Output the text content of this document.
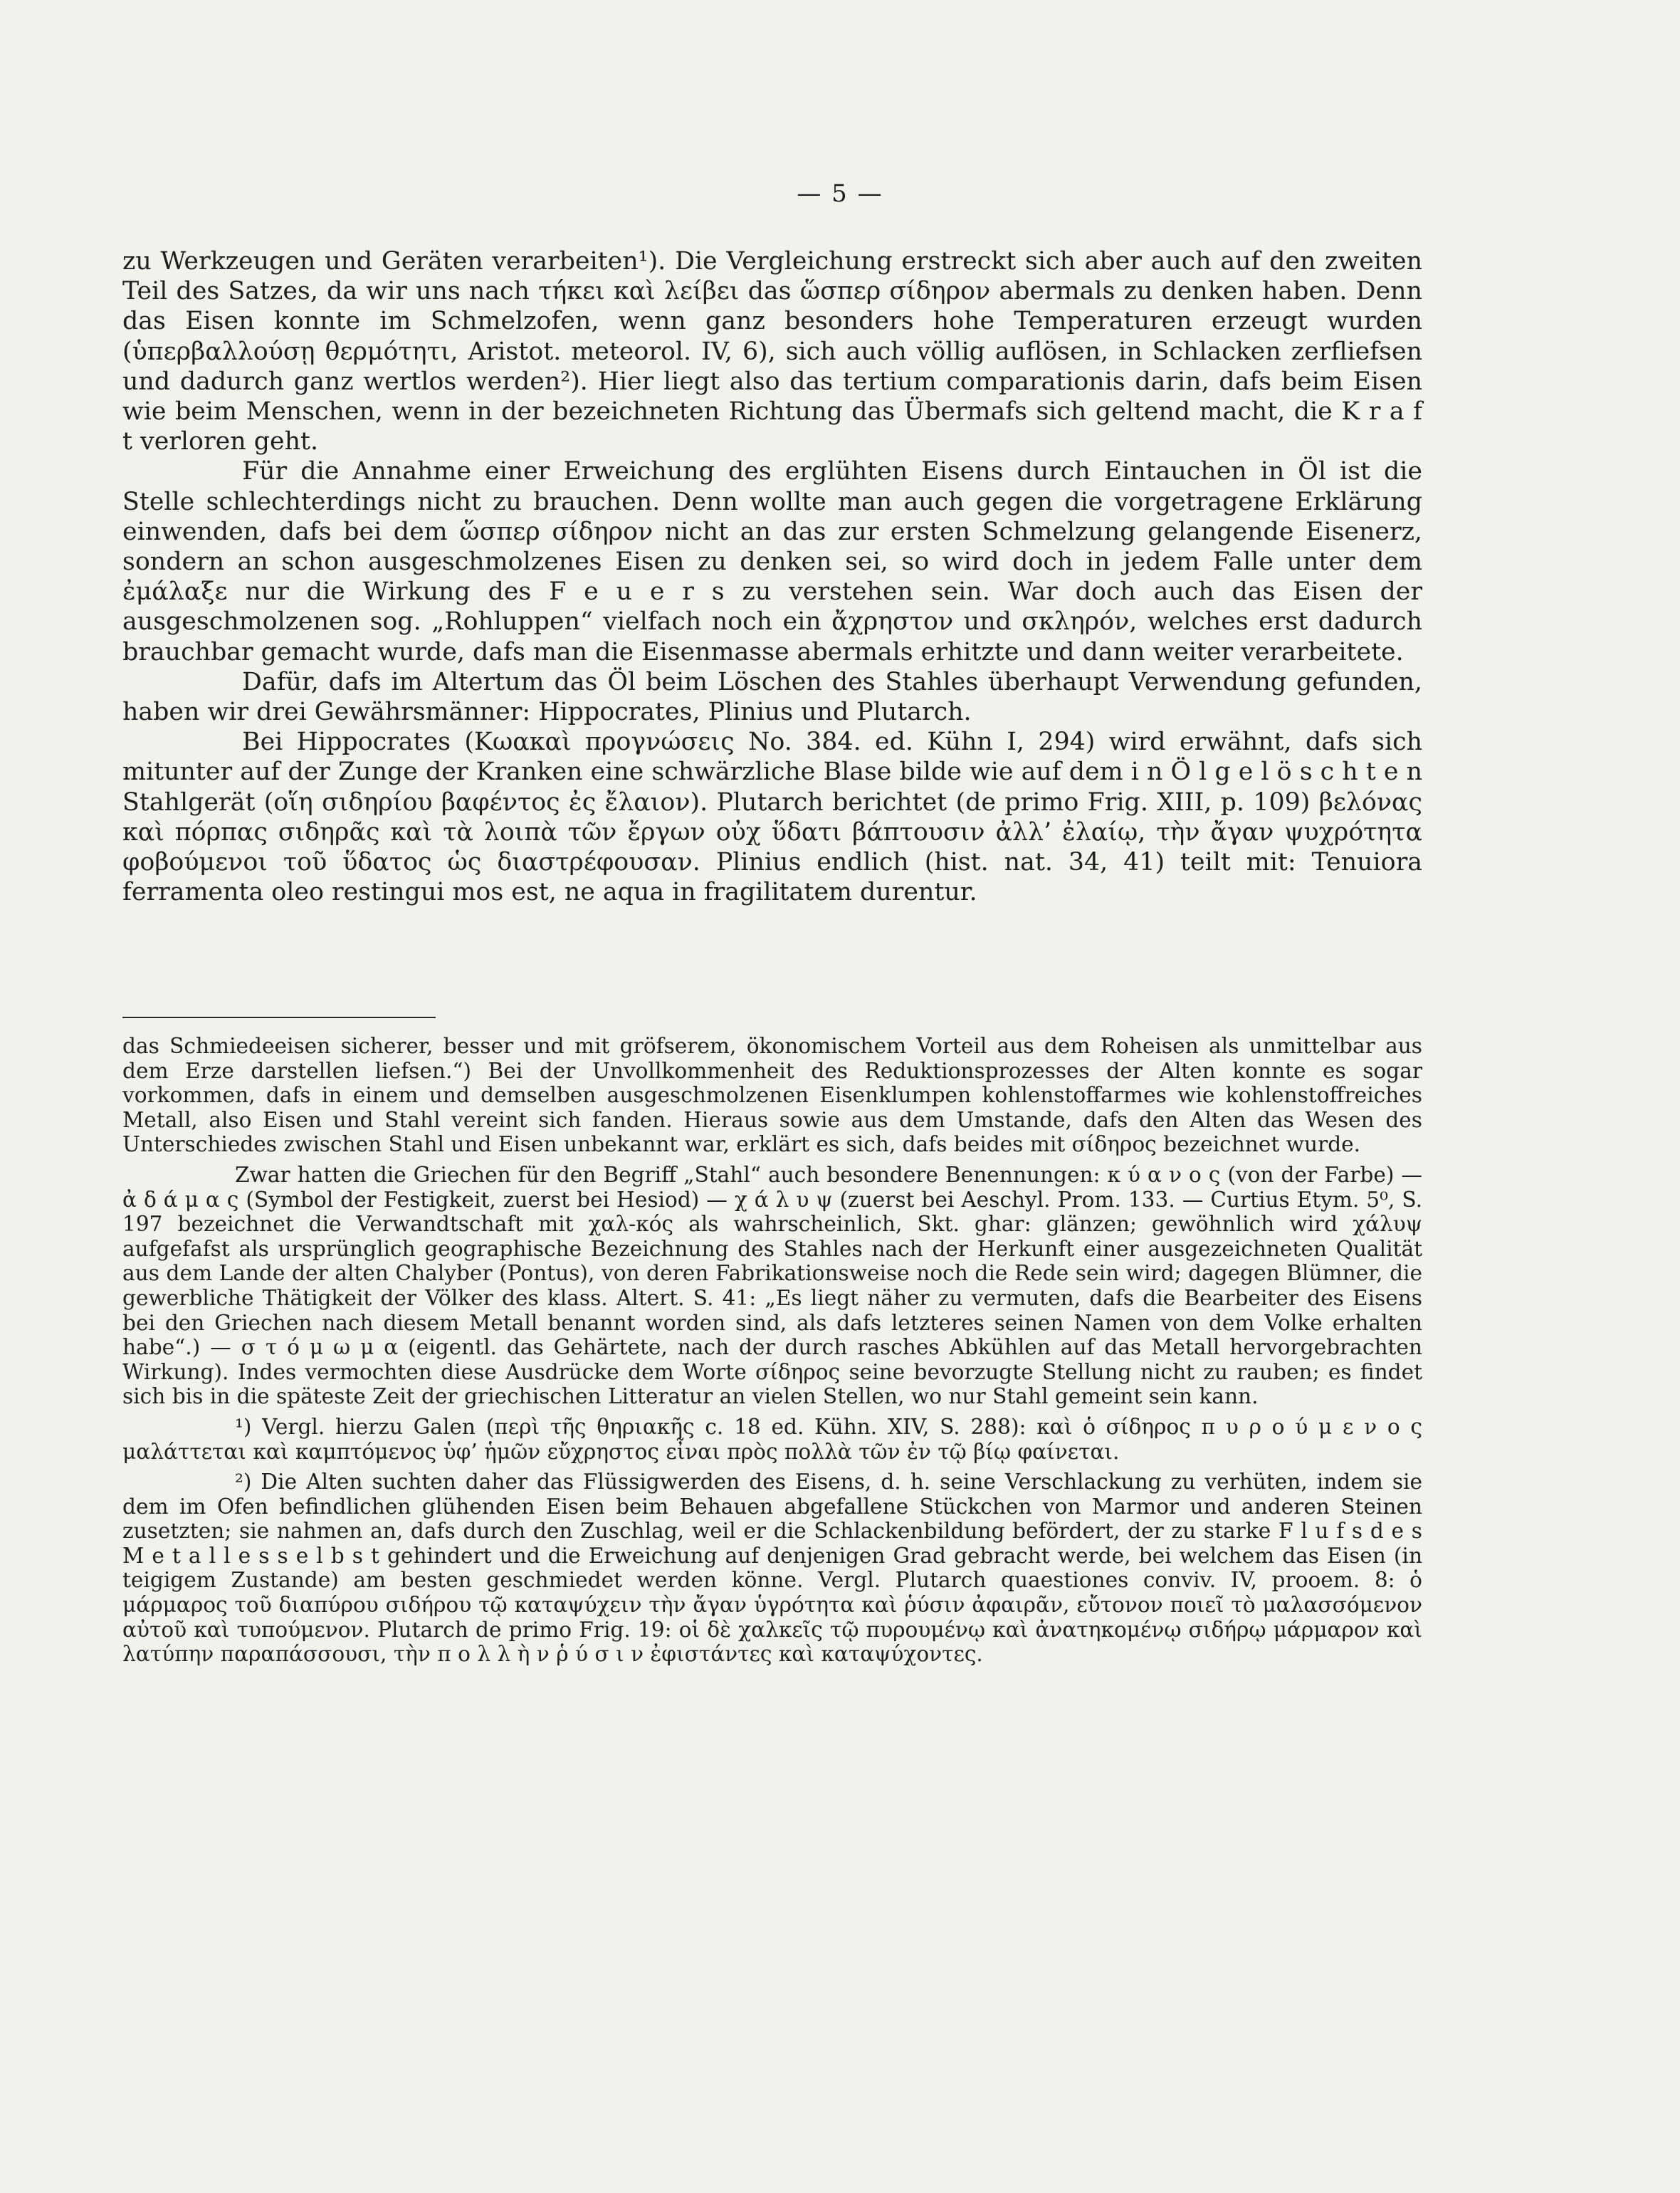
— 5 —

zu Werkzeugen und Geräten verarbeiten¹). Die Vergleichung erstreckt sich aber auch auf den zweiten Teil des Satzes, da wir uns nach τήκει καὶ λείβει das ὥσπερ σίδηρον abermals zu denken haben. Denn das Eisen konnte im Schmelzofen, wenn ganz besonders hohe Temperaturen erzeugt wurden (ὑπερβαλλούσῃ θερμότητι, Aristot. meteorol. IV, 6), sich auch völlig auflösen, in Schlacken zerfliefsen und dadurch ganz wertlos werden²). Hier liegt also das tertium comparationis darin, dafs beim Eisen wie beim Menschen, wenn in der bezeichneten Richtung das Übermafs sich geltend macht, die K r a f t verloren geht.

Für die Annahme einer Erweichung des erglühten Eisens durch Eintauchen in Öl ist die Stelle schlechterdings nicht zu brauchen. Denn wollte man auch gegen die vorgetragene Erklärung einwenden, dafs bei dem ὥσπερ σίδηρον nicht an das zur ersten Schmelzung gelangende Eisenerz, sondern an schon ausgeschmolzenes Eisen zu denken sei, so wird doch in jedem Falle unter dem ἐμάλαξε nur die Wirkung des F e u e r s zu verstehen sein. War doch auch das Eisen der ausgeschmolzenen sog. „Rohluppen“ vielfach noch ein ἄχρηστον und σκληρόν, welches erst dadurch brauchbar gemacht wurde, dafs man die Eisenmasse abermals erhitzte und dann weiter verarbeitete.

Dafür, dafs im Altertum das Öl beim Löschen des Stahles überhaupt Verwendung gefunden, haben wir drei Gewährsmänner: Hippocrates, Plinius und Plutarch.

Bei Hippocrates (Κωακαὶ προγνώσεις No. 384. ed. Kühn I, 294) wird erwähnt, dafs sich mitunter auf der Zunge der Kranken eine schwärzliche Blase bilde wie auf dem i n Ö l g e l ö s c h t e n Stahlgerät (οἵη σιδηρίου βαφέντος ἐς ἔλαιον). Plutarch berichtet (de primo Frig. XIII, p. 109) βελόνας καὶ πόρπας σιδηρᾶς καὶ τὰ λοιπὰ τῶν ἔργων οὐχ ὕδατι βάπτουσιν ἀλλ’ ἐλαίῳ, τὴν ἄγαν ψυχρότητα φοβούμενοι τοῦ ὕδατος ὡς διαστρέφουσαν. Plinius endlich (hist. nat. 34, 41) teilt mit: Tenuiora ferramenta oleo restingui mos est, ne aqua in fragilitatem durentur.

das Schmiedeeisen sicherer, besser und mit gröfserem, ökonomischem Vorteil aus dem Roheisen als unmittelbar aus dem Erze darstellen liefsen.“) Bei der Unvollkommenheit des Reduktionsprozesses der Alten konnte es sogar vorkommen, dafs in einem und demselben ausgeschmolzenen Eisenklumpen kohlenstoffarmes wie kohlenstoffreiches Metall, also Eisen und Stahl vereint sich fanden. Hieraus sowie aus dem Umstande, dafs den Alten das Wesen des Unterschiedes zwischen Stahl und Eisen unbekannt war, erklärt es sich, dafs beides mit σίδηρος bezeichnet wurde.

Zwar hatten die Griechen für den Begriff „Stahl“ auch besondere Benennungen: κ ύ α ν ο ς (von der Farbe) — ἀ δ ά μ α ς (Symbol der Festigkeit, zuerst bei Hesiod) — χ ά λ υ ψ (zuerst bei Aeschyl. Prom. 133. — Curtius Etym. 5⁰, S. 197 bezeichnet die Verwandtschaft mit χαλ-κός als wahrscheinlich, Skt. ghar: glänzen; gewöhnlich wird χάλυψ aufgefafst als ursprünglich geographische Bezeichnung des Stahles nach der Herkunft einer ausgezeichneten Qualität aus dem Lande der alten Chalyber (Pontus), von deren Fabrikationsweise noch die Rede sein wird; dagegen Blümner, die gewerbliche Thätigkeit der Völker des klass. Altert. S. 41: „Es liegt näher zu vermuten, dafs die Bearbeiter des Eisens bei den Griechen nach diesem Metall benannt worden sind, als dafs letzteres seinen Namen von dem Volke erhalten habe“.) — σ τ ό μ ω μ α (eigentl. das Gehärtete, nach der durch rasches Abkühlen auf das Metall hervorgebrachten Wirkung). Indes vermochten diese Ausdrücke dem Worte σίδηρος seine bevorzugte Stellung nicht zu rauben; es findet sich bis in die späteste Zeit der griechischen Litteratur an vielen Stellen, wo nur Stahl gemeint sein kann.

¹) Vergl. hierzu Galen (περὶ τῆς θηριακῆς c. 18 ed. Kühn. XIV, S. 288): καὶ ὁ σίδηρος π υ ρ ο ύ μ ε ν ο ς μαλάττεται καὶ καμπτόμενος ὑφ’ ἡμῶν εὔχρηστος εἶναι πρὸς πολλὰ τῶν ἐν τῷ βίῳ φαίνεται.

²) Die Alten suchten daher das Flüssigwerden des Eisens, d. h. seine Verschlackung zu verhüten, indem sie dem im Ofen befindlichen glühenden Eisen beim Behauen abgefallene Stückchen von Marmor und anderen Steinen zusetzten; sie nahmen an, dafs durch den Zuschlag, weil er die Schlackenbildung befördert, der zu starke F l u f s d e s M e t a l l e s s e l b s t gehindert und die Erweichung auf denjenigen Grad gebracht werde, bei welchem das Eisen (in teigigem Zustande) am besten geschmiedet werden könne. Vergl. Plutarch quaestiones conviv. IV, prooem. 8: ὁ μάρμαρος τοῦ διαπύρου σιδήρου τῷ καταψύχειν τὴν ἄγαν ὑγρότητα καὶ ῥύσιν ἀφαιρᾶν, εὔτονον ποιεῖ τὸ μαλασσόμενον αὐτοῦ καὶ τυπούμενον. Plutarch de primo Frig. 19: οἱ δὲ χαλκεῖς τῷ πυρουμένῳ καὶ ἀνατηκομένῳ σιδήρῳ μάρμαρον καὶ λατύπην παραπάσσουσι, τὴν π ο λ λ ὴ ν ῥ ύ σ ι ν ἐφιστάντες καὶ καταψύχοντες.
